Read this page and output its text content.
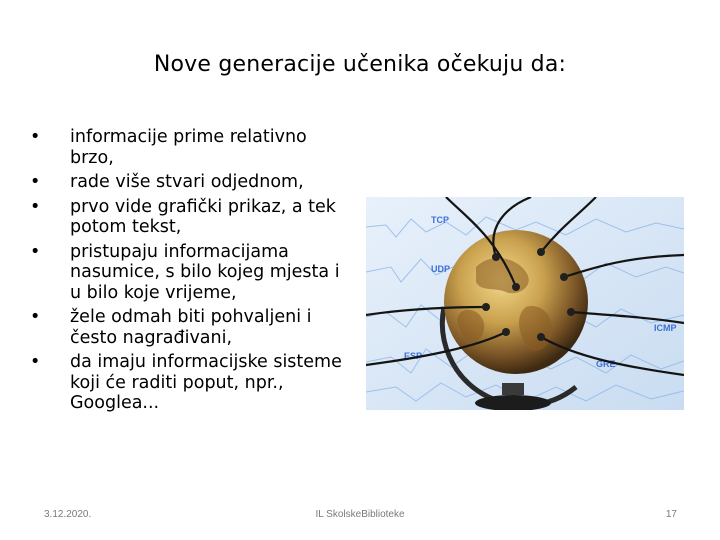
Nove generacije učenika očekuju da:
• informacije prime relativno brzo,
• rade više stvari odjednom,
• prvo vide grafički prikaz, a tek potom tekst,
• pristupaju informacijama nasumice, s bilo kojeg mjesta i u bilo koje vrijeme,
• žele odmah biti pohvaljeni i često nagrađivani,
• da imaju informacijske sisteme koji će raditi poput, npr., Googlea...
TCP
UDP
ESP
GRE
ICMP
3.12.2020.	IL SkolskeBiblioteke	17
